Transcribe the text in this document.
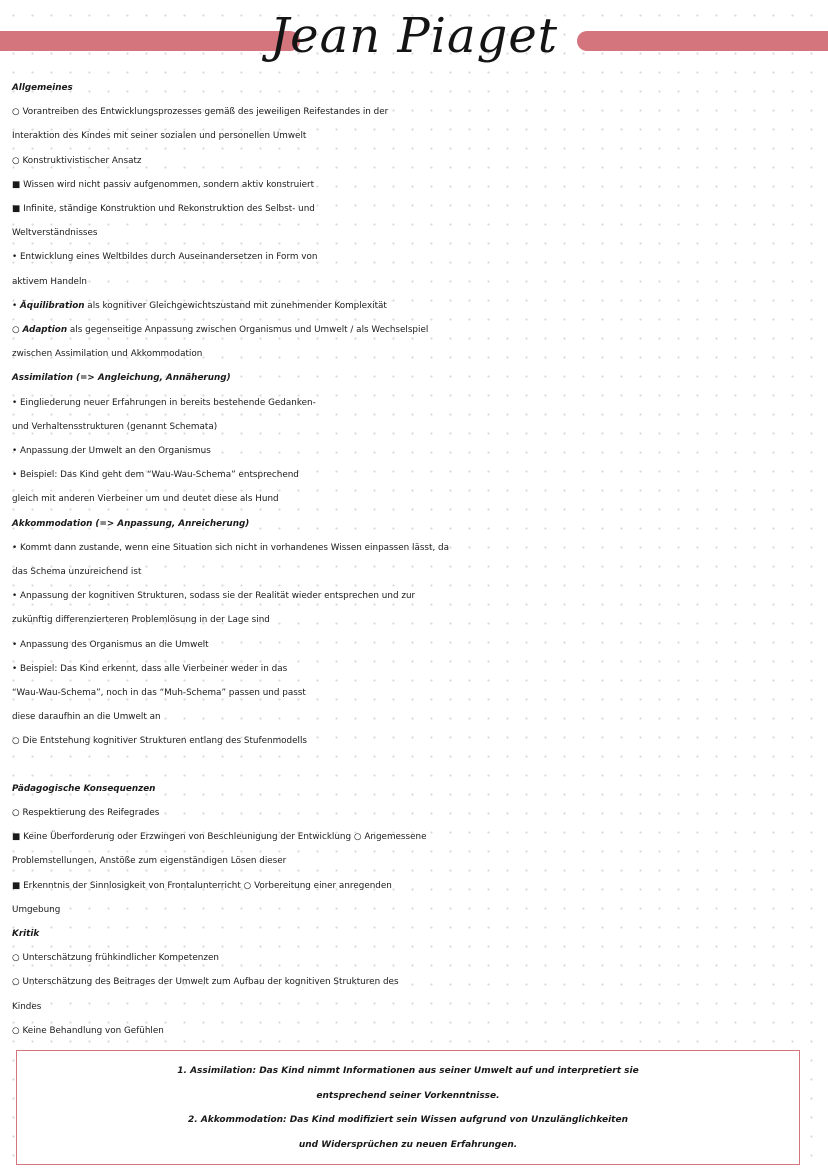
Jean Piaget
Allgemeines
○ Vorantreiben des Entwicklungsprozesses gemäß des jeweiligen Reifestandes in der
Interaktion des Kindes mit seiner sozialen und personellen Umwelt
○ Konstruktivistischer Ansatz
■ Wissen wird nicht passiv aufgenommen, sondern aktiv konstruiert
■ Infinite, ständige Konstruktion und Rekonstruktion des Selbst- und
Weltverständnisses
• Entwicklung eines Weltbildes durch Auseinandersetzen in Form von
aktivem Handeln
• Äquilibration als kognitiver Gleichgewichtszustand mit zunehmender Komplexität
○ Adaption als gegenseitige Anpassung zwischen Organismus und Umwelt / als Wechselspiel
zwischen Assimilation und Akkommodation
Assimilation (=> Angleichung, Annäherung)
• Eingliederung neuer Erfahrungen in bereits bestehende Gedanken-
und Verhaltensstrukturen (genannt Schemata)
• Anpassung der Umwelt an den Organismus
• Beispiel: Das Kind geht dem “Wau-Wau-Schema” entsprechend
gleich mit anderen Vierbeiner um und deutet diese als Hund
Akkommodation (=> Anpassung, Anreicherung)
• Kommt dann zustande, wenn eine Situation sich nicht in vorhandenes Wissen einpassen lässt, da
das Schema unzureichend ist
• Anpassung der kognitiven Strukturen, sodass sie der Realität wieder entsprechen und zur
zukünftig differenzierteren Problemlösung in der Lage sind
• Anpassung des Organismus an die Umwelt
• Beispiel: Das Kind erkennt, dass alle Vierbeiner weder in das
“Wau-Wau-Schema”, noch in das “Muh-Schema” passen und passt
diese daraufhin an die Umwelt an
○ Die Entstehung kognitiver Strukturen entlang des Stufenmodells
Pädagogische Konsequenzen
○ Respektierung des Reifegrades
■ Keine Überforderung oder Erzwingen von Beschleunigung der Entwicklung ○ Angemessene
Problemstellungen, Anstöße zum eigenständigen Lösen dieser
■ Erkenntnis der Sinnlosigkeit von Frontalunterricht ○ Vorbereitung einer anregenden
Umgebung
Kritik
○ Unterschätzung frühkindlicher Kompetenzen
○ Unterschätzung des Beitrages der Umwelt zum Aufbau der kognitiven Strukturen des
Kindes
○ Keine Behandlung von Gefühlen
1. Assimilation: Das Kind nimmt Informationen aus seiner Umwelt auf und interpretiert sie
entsprechend seiner Vorkenntnisse.
2. Akkommodation: Das Kind modifiziert sein Wissen aufgrund von Unzulänglichkeiten
und Widersprüchen zu neuen Erfahrungen.
